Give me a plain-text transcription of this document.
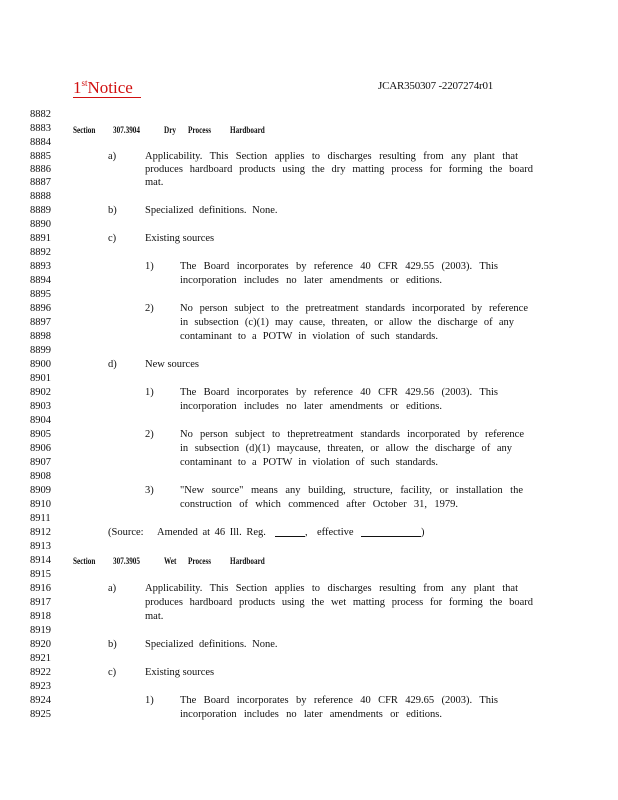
1stNotice	JCAR350307 -2207274r01
8882
8883
8884
8885
8886
8887
8888
8889
8890
8891
8892
8893
8894
8895
8896
8897
8898
8899
8900
8901
8902
8903
8904
8905
8906
8907
8908
8909
8910
8911
8912
8913
8914
8915
8916
8917
8918
8919
8920
8921
8922
8923
8924
8925
Section 307.3904	Dry Process Hardboard
a)	Applicability. This Section applies to discharges resulting from any plant that
produces hardboard products using the dry matting process for forming the board
mat.
b)	Specialized definitions. None.
c)	Existing sources
1)	The Board incorporates by reference 40 CFR 429.55 (2003). This
incorporation includes no later amendments or editions.
2)	No person subject to the pretreatment standards incorporated by reference
in subsection (c)(1) may cause, threaten, or allow the discharge of any
contaminant to a POTW in violation of such standards.
d)	New sources
1)	The Board incorporates by reference 40 CFR 429.56 (2003). This
incorporation includes no later amendments or editions.
2)	No person subject to thepretreatment standards incorporated by reference
in subsection (d)(1) maycause, threaten, or allow the discharge of any
contaminant to a POTW in violation of such standards.
3)	"New source" means any building, structure, facility, or installation the
construction of which commenced after October 31, 1979.
(Source: Amended at 46 Ill. Reg.	, effective	)
Section 307.3905	Wet Process Hardboard
a)	Applicability. This Section applies to discharges resulting from any plant that
produces hardboard products using the wet matting process for forming the board
mat.
b)	Specialized definitions. None.
c)	Existing sources
1)	The Board incorporates by reference 40 CFR 429.65 (2003). This
incorporation includes no later amendments or editions.
